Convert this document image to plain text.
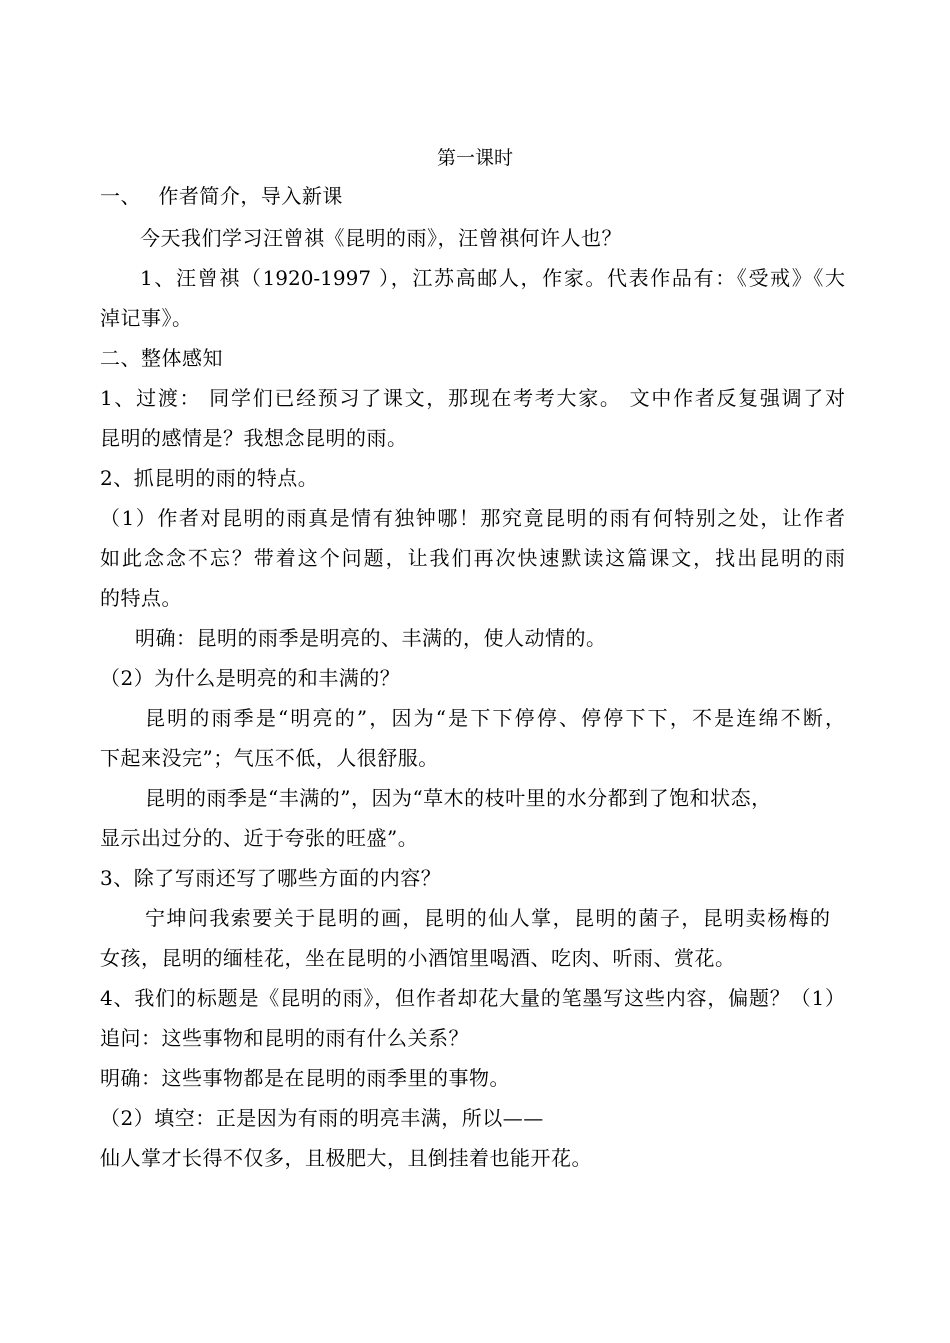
第一课时
一、　 作者简介，导入新课
今天我们学习汪曾祺《昆明的雨》，汪曾祺何许人也？
1、汪曾祺（1920-1997 ），江苏高邮人，作家。代表作品有：《受戒》《大
淖记事》。
二、整体感知
1、过渡： 同学们已经预习了课文，那现在考考大家。 文中作者反复强调了对
昆明的感情是？我想念昆明的雨。
2、抓昆明的雨的特点。
（1）作者对昆明的雨真是情有独钟哪！那究竟昆明的雨有何特别之处，让作者
如此念念不忘？带着这个问题，让我们再次快速默读这篇课文，找出昆明的雨
的特点。
明确：昆明的雨季是明亮的、丰满的，使人动情的。
（2）为什么是明亮的和丰满的？
昆明的雨季是“明亮的”，因为“是下下停停、停停下下，不是连绵不断，
下起来没完”；气压不低，人很舒服。
昆明的雨季是“丰满的”，因为“草木的枝叶里的水分都到了饱和状态，
显示出过分的、近于夸张的旺盛”。
3、除了写雨还写了哪些方面的内容？
宁坤问我索要关于昆明的画，昆明的仙人掌，昆明的菌子，昆明卖杨梅的
女孩，昆明的缅桂花，坐在昆明的小酒馆里喝酒、吃肉、听雨、赏花。
4、我们的标题是《昆明的雨》，但作者却花大量的笔墨写这些内容，偏题？（1）
追问：这些事物和昆明的雨有什么关系？
明确：这些事物都是在昆明的雨季里的事物。
（2）填空：正是因为有雨的明亮丰满，所以——
仙人掌才长得不仅多，且极肥大，且倒挂着也能开花。
